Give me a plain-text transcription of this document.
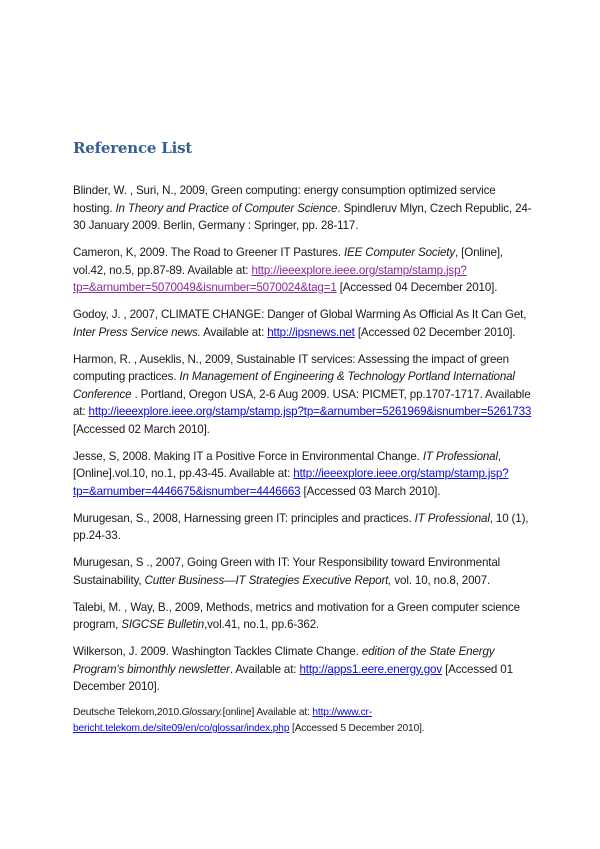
Reference List

Blinder, W. , Suri, N., 2009, Green computing: energy consumption optimized service hosting. In Theory and Practice of Computer Science. Spindleruv Mlyn, Czech Republic, 24-30 January 2009. Berlin, Germany : Springer, pp. 28-117.

Cameron, K, 2009. The Road to Greener IT Pastures. IEE Computer Society, [Online], vol.42, no.5, pp.87-89. Available at: http://ieeexplore.ieee.org/stamp/stamp.jsp?tp=&arnumber=5070049&isnumber=5070024&tag=1 [Accessed 04 December 2010].

Godoy, J. , 2007, CLIMATE CHANGE: Danger of Global Warming As Official As It Can Get, Inter Press Service news. Available at: http://ipsnews.net [Accessed 02 December 2010].

Harmon, R. , Auseklis, N., 2009, Sustainable IT services: Assessing the impact of green computing practices. In Management of Engineering & Technology Portland International Conference . Portland, Oregon USA, 2-6 Aug 2009. USA: PICMET, pp.1707-1717. Available at: http://ieeexplore.ieee.org/stamp/stamp.jsp?tp=&arnumber=5261969&isnumber=5261733 [Accessed 02 March 2010].

Jesse, S, 2008. Making IT a Positive Force in Environmental Change. IT Professional, [Online].vol.10, no.1, pp.43-45. Available at: http://ieeexplore.ieee.org/stamp/stamp.jsp?tp=&arnumber=4446675&isnumber=4446663 [Accessed 03 March 2010].

Murugesan, S., 2008, Harnessing green IT: principles and practices. IT Professional, 10 (1), pp.24-33.

Murugesan, S ., 2007, Going Green with IT: Your Responsibility toward Environmental Sustainability, Cutter Business—IT Strategies Executive Report, vol. 10, no.8, 2007.

Talebi, M. , Way, B., 2009, Methods, metrics and motivation for a Green computer science program, SIGCSE Bulletin,vol.41, no.1, pp.6-362.

Wilkerson, J. 2009. Washington Tackles Climate Change. edition of the State Energy Program's bimonthly newsletter. Available at: http://apps1.eere.energy.gov [Accessed 01 December 2010].

Deutsche Telekom,2010.Glossary.[online] Available at: http://www.cr-bericht.telekom.de/site09/en/co/glossar/index.php [Accessed 5 December 2010].
